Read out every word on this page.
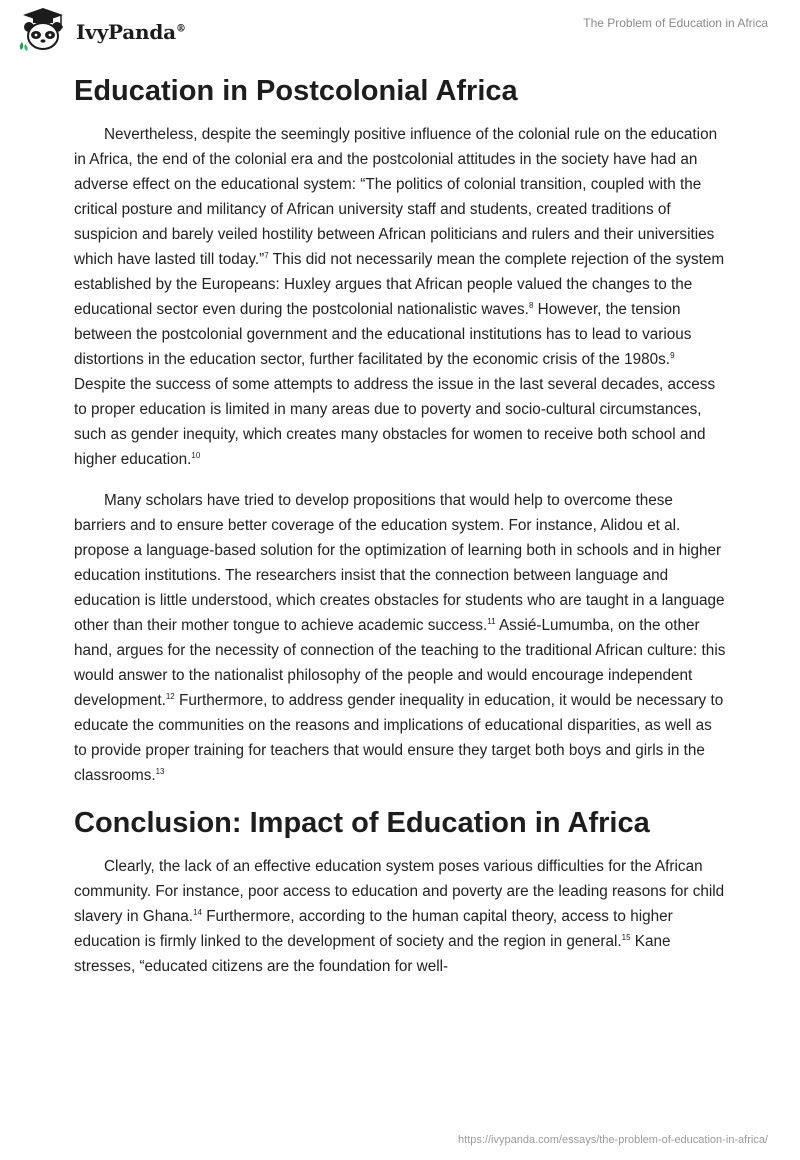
IvyPanda®	The Problem of Education in Africa
Education in Postcolonial Africa

Nevertheless, despite the seemingly positive influence of the colonial rule on the education in Africa, the end of the colonial era and the postcolonial attitudes in the society have had an adverse effect on the educational system: “The politics of colonial transition, coupled with the critical posture and militancy of African university staff and students, created traditions of suspicion and barely veiled hostility between African politicians and rulers and their universities which have lasted till today.”$^7$ This did not necessarily mean the complete rejection of the system established by the Europeans: Huxley argues that African people valued the changes to the educational sector even during the postcolonial nationalistic waves.$^8$ However, the tension between the postcolonial government and the educational institutions has to lead to various distortions in the education sector, further facilitated by the economic crisis of the 1980s.$^9$ Despite the success of some attempts to address the issue in the last several decades, access to proper education is limited in many areas due to poverty and socio-cultural circumstances, such as gender inequity, which creates many obstacles for women to receive both school and higher education.$^{10}$

Many scholars have tried to develop propositions that would help to overcome these barriers and to ensure better coverage of the education system. For instance, Alidou et al. propose a language-based solution for the optimization of learning both in schools and in higher education institutions. The researchers insist that the connection between language and education is little understood, which creates obstacles for students who are taught in a language other than their mother tongue to achieve academic success.$^{11}$ Assié-Lumumba, on the other hand, argues for the necessity of connection of the teaching to the traditional African culture: this would answer to the nationalist philosophy of the people and would encourage independent development.$^{12}$ Furthermore, to address gender inequality in education, it would be necessary to educate the communities on the reasons and implications of educational disparities, as well as to provide proper training for teachers that would ensure they target both boys and girls in the classrooms.$^{13}$

Conclusion: Impact of Education in Africa

Clearly, the lack of an effective education system poses various difficulties for the African community. For instance, poor access to education and poverty are the leading reasons for child slavery in Ghana.$^{14}$ Furthermore, according to the human capital theory, access to higher education is firmly linked to the development of society and the region in general.$^{15}$ Kane stresses, “educated citizens are the foundation for well-

https://ivypanda.com/essays/the-problem-of-education-in-africa/
